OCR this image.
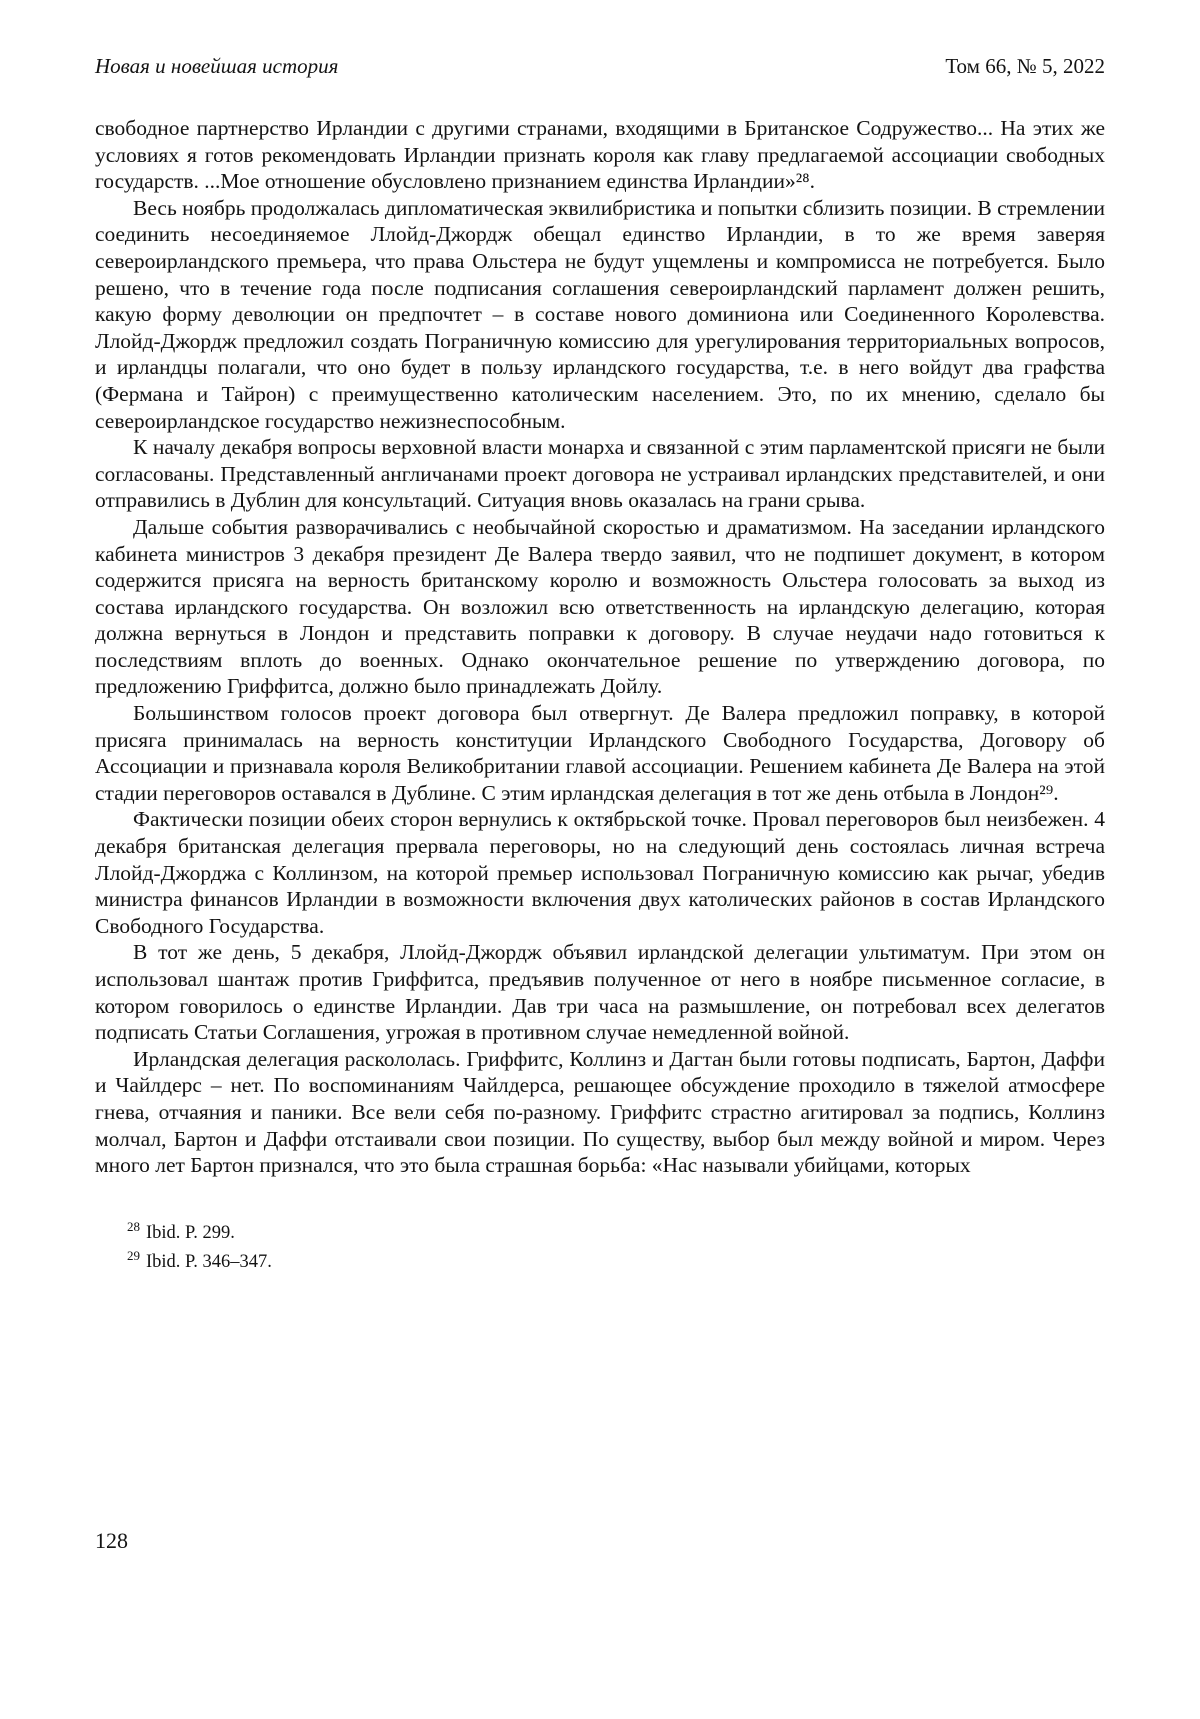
Новая и новейшая история	Том 66, № 5, 2022

свободное партнерство Ирландии с другими странами, входящими в Британское Содружество... На этих же условиях я готов рекомендовать Ирландии признать короля как главу предлагаемой ассоциации свободных государств. ...Мое отношение обусловлено признанием единства Ирландии»²⁸.

Весь ноябрь продолжалась дипломатическая эквилибристика и попытки сблизить позиции. В стремлении соединить несоединяемое Ллойд-Джордж обещал единство Ирландии, в то же время заверяя североирландского премьера, что права Ольстера не будут ущемлены и компромисса не потребуется. Было решено, что в течение года после подписания соглашения североирландский парламент должен решить, какую форму деволюции он предпочтет – в составе нового доминиона или Соединенного Королевства. Ллойд-Джордж предложил создать Пограничную комиссию для урегулирования территориальных вопросов, и ирландцы полагали, что оно будет в пользу ирландского государства, т.е. в него войдут два графства (Фермана и Тайрон) с преимущественно католическим населением. Это, по их мнению, сделало бы североирландское государство нежизнеспособным.

К началу декабря вопросы верховной власти монарха и связанной с этим парламентской присяги не были согласованы. Представленный англичанами проект договора не устраивал ирландских представителей, и они отправились в Дублин для консультаций. Ситуация вновь оказалась на грани срыва.

Дальше события разворачивались с необычайной скоростью и драматизмом. На заседании ирландского кабинета министров 3 декабря президент Де Валера твердо заявил, что не подпишет документ, в котором содержится присяга на верность британскому королю и возможность Ольстера голосовать за выход из состава ирландского государства. Он возложил всю ответственность на ирландскую делегацию, которая должна вернуться в Лондон и представить поправки к договору. В случае неудачи надо готовиться к последствиям вплоть до военных. Однако окончательное решение по утверждению договора, по предложению Гриффитса, должно было принадлежать Дойлу.

Большинством голосов проект договора был отвергнут. Де Валера предложил поправку, в которой присяга принималась на верность конституции Ирландского Свободного Государства, Договору об Ассоциации и признавала короля Великобритании главой ассоциации. Решением кабинета Де Валера на этой стадии переговоров оставался в Дублине. С этим ирландская делегация в тот же день отбыла в Лондон²⁹.

Фактически позиции обеих сторон вернулись к октябрьской точке. Провал переговоров был неизбежен. 4 декабря британская делегация прервала переговоры, но на следующий день состоялась личная встреча Ллойд-Джорджа с Коллинзом, на которой премьер использовал Пограничную комиссию как рычаг, убедив министра финансов Ирландии в возможности включения двух католических районов в состав Ирландского Свободного Государства.

В тот же день, 5 декабря, Ллойд-Джордж объявил ирландской делегации ультиматум. При этом он использовал шантаж против Гриффитса, предъявив полученное от него в ноябре письменное согласие, в котором говорилось о единстве Ирландии. Дав три часа на размышление, он потребовал всех делегатов подписать Статьи Соглашения, угрожая в противном случае немедленной войной.

Ирландская делегация раскололась. Гриффитс, Коллинз и Дагтан были готовы подписать, Бартон, Даффи и Чайлдерс – нет. По воспоминаниям Чайлдерса, решающее обсуждение проходило в тяжелой атмосфере гнева, отчаяния и паники. Все вели себя по-разному. Гриффитс страстно агитировал за подпись, Коллинз молчал, Бартон и Даффи отстаивали свои позиции. По существу, выбор был между войной и миром. Через много лет Бартон признался, что это была страшная борьба: «Нас называли убийцами, которых

$^{28}$ Ibid. P. 299.

$^{29}$ Ibid. P. 346–347.

128
